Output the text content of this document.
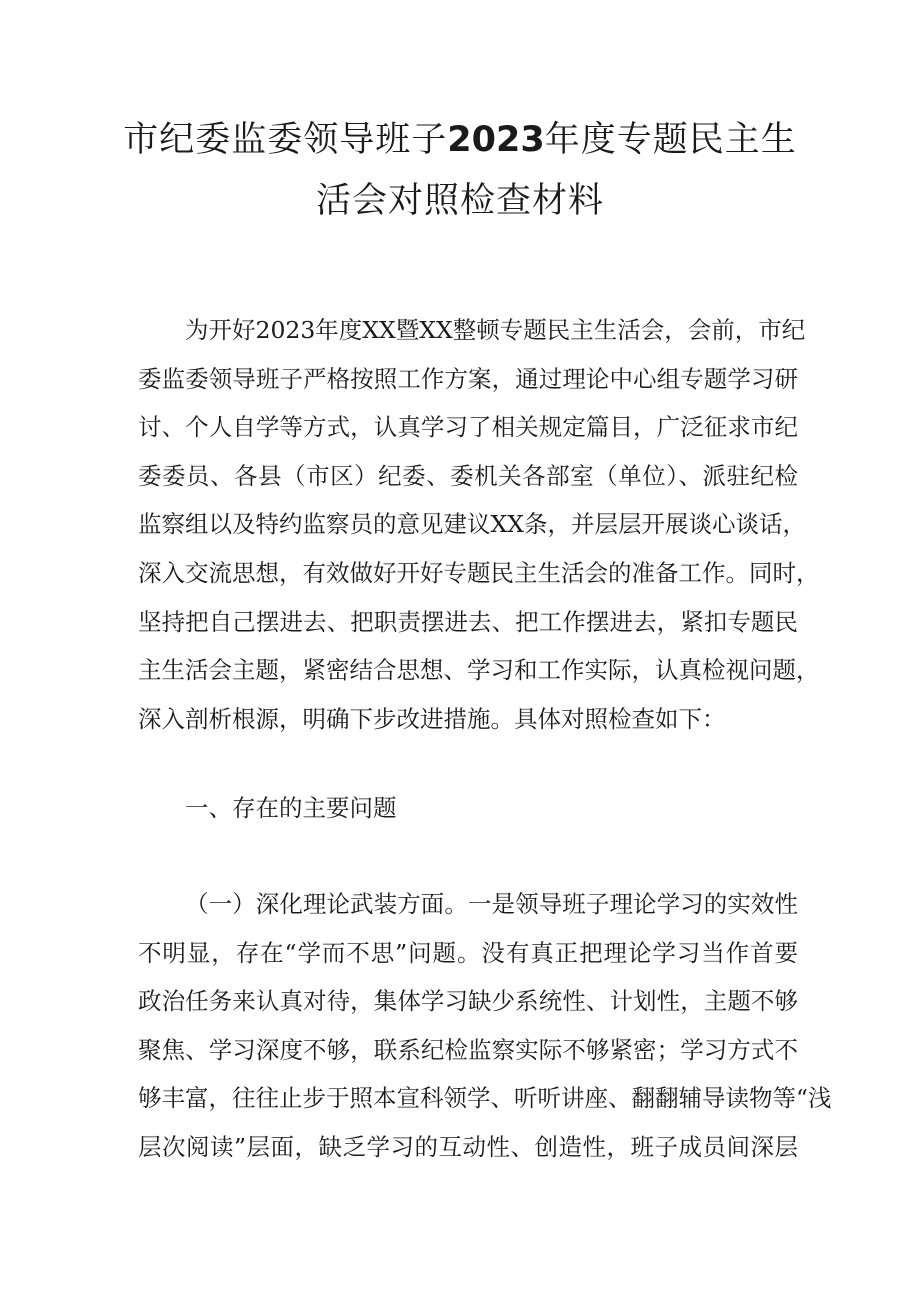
市纪委监委领导班子2023年度专题民主生
活会对照检查材料
为开好2023年度XX暨XX整顿专题民主生活会，会前，市纪
委监委领导班子严格按照工作方案，通过理论中心组专题学习研
讨、个人自学等方式，认真学习了相关规定篇目，广泛征求市纪
委委员、各县（市区）纪委、委机关各部室（单位）、派驻纪检
监察组以及特约监察员的意见建议XX条，并层层开展谈心谈话，
深入交流思想，有效做好开好专题民主生活会的准备工作。同时，
坚持把自己摆进去、把职责摆进去、把工作摆进去，紧扣专题民
主生活会主题，紧密结合思想、学习和工作实际，认真检视问题，
深入剖析根源，明确下步改进措施。具体对照检查如下：
一、存在的主要问题
（一）深化理论武装方面。一是领导班子理论学习的实效性
不明显，存在“学而不思”问题。没有真正把理论学习当作首要
政治任务来认真对待，集体学习缺少系统性、计划性，主题不够
聚焦、学习深度不够，联系纪检监察实际不够紧密；学习方式不
够丰富，往往止步于照本宣科领学、听听讲座、翻翻辅导读物等“浅
层次阅读”层面，缺乏学习的互动性、创造性，班子成员间深层
